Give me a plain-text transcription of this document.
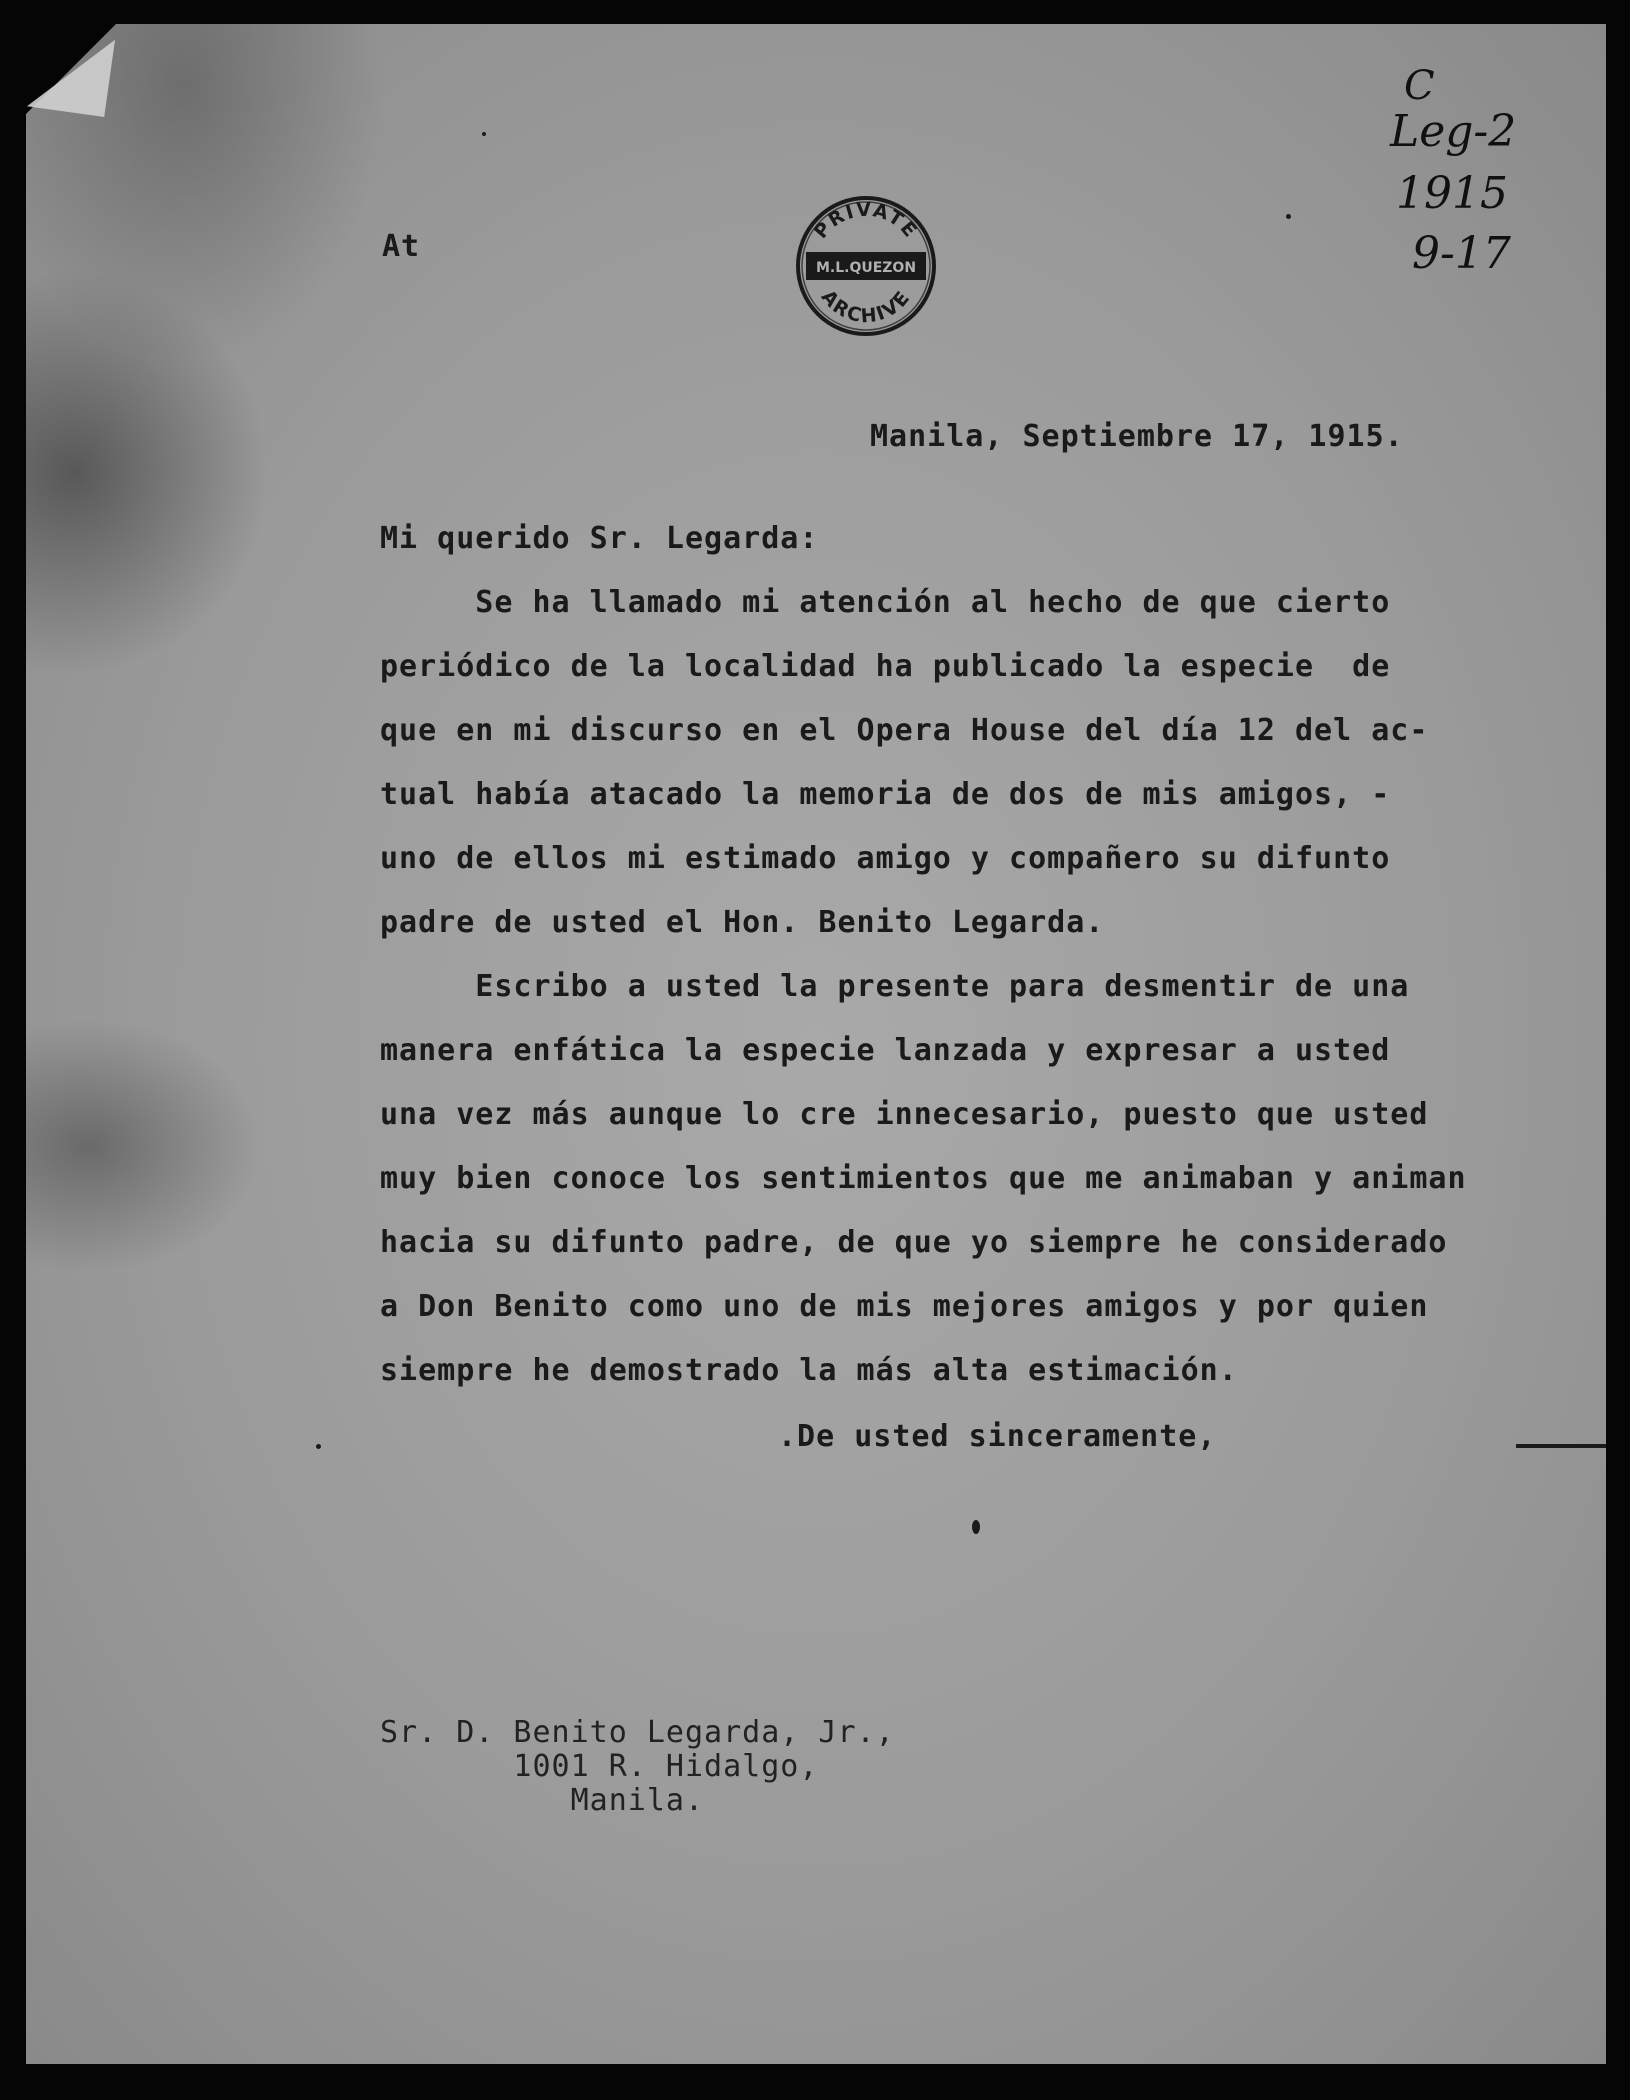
C
Leg-2
1915
9-17
At	PRIVATE
M.L.QUEZON
ARCHIVE
Manila, Septiembre 17, 1915.
Mi querido Sr. Legarda:
Se ha llamado mi atención al hecho de que cierto
periódico de la localidad ha publicado la especie  de
que en mi discurso en el Opera House del día 12 del ac-
tual había atacado la memoria de dos de mis amigos, -
uno de ellos mi estimado amigo y compañero su difunto
padre de usted el Hon. Benito Legarda.
Escribo a usted la presente para desmentir de una
manera enfática la especie lanzada y expresar a usted
una vez más aunque lo cre innecesario, puesto que usted
muy bien conoce los sentimientos que me animaban y animan
hacia su difunto padre, de que yo siempre he considerado
a Don Benito como uno de mis mejores amigos y por quien
siempre he demostrado la más alta estimación.
.De usted sinceramente,
Sr. D. Benito Legarda, Jr.,
1001 R. Hidalgo,
Manila.
